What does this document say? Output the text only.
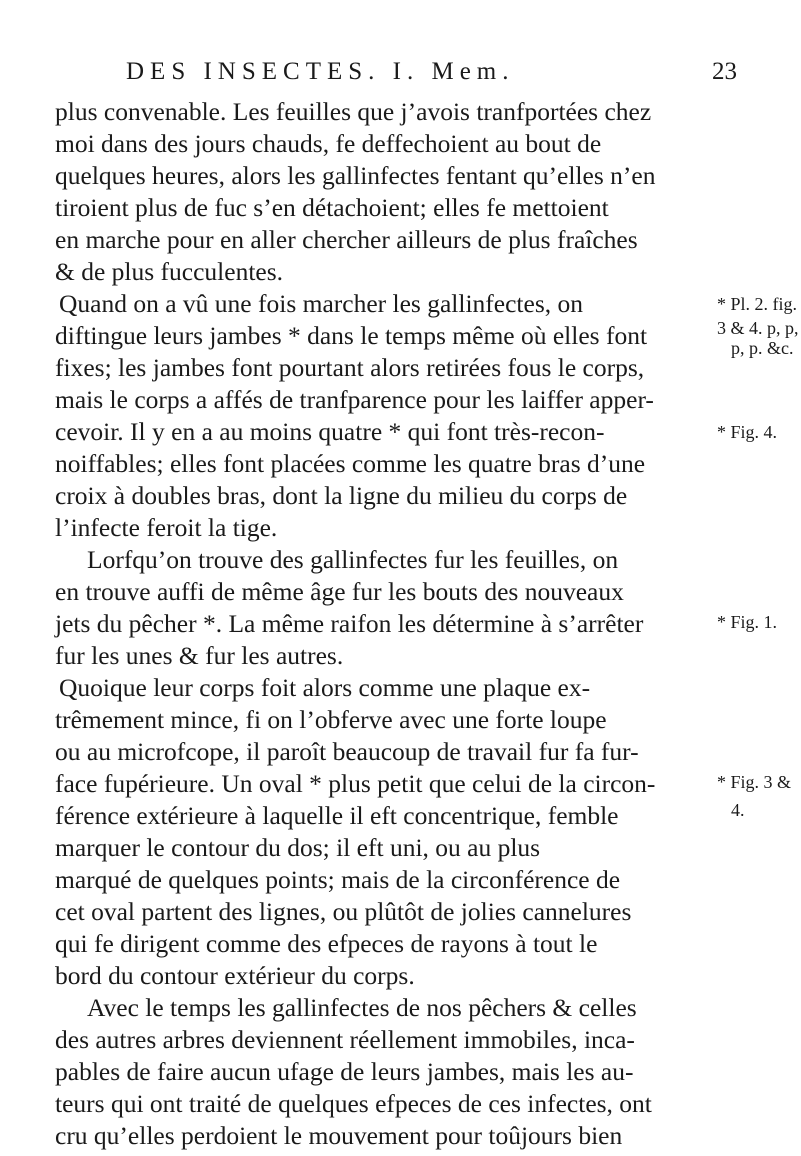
DES INSECTES. I. Mem.	23
plus convenable. Les feuilles que j’avois tranfportées chez
moi dans des jours chauds, fe deffechoient au bout de
quelques heures, alors les gallinfectes fentant qu’elles n’en
tiroient plus de fuc s’en détachoient; elles fe mettoient
en marche pour en aller chercher ailleurs de plus fraîches
& de plus fucculentes.
Quand on a vû une fois marcher les gallinfectes, on
diftingue leurs jambes * dans le temps même où elles font
fixes; les jambes font pourtant alors retirées fous le corps,
mais le corps a affés de tranfparence pour les laiffer apper-
cevoir. Il y en a au moins quatre * qui font très-recon-
noiffables; elles font placées comme les quatre bras d’une
croix à doubles bras, dont la ligne du milieu du corps de
l’infecte feroit la tige.
Lorfqu’on trouve des gallinfectes fur les feuilles, on
en trouve auffi de même âge fur les bouts des nouveaux
jets du pêcher *. La même raifon les détermine à s’arrêter
fur les unes & fur les autres.
Quoique leur corps foit alors comme une plaque ex-
trêmement mince, fi on l’obferve avec une forte loupe
ou au microfcope, il paroît beaucoup de travail fur fa fur-
face fupérieure. Un oval * plus petit que celui de la circon-
férence extérieure à laquelle il eft concentrique, femble
marquer le contour du dos; il eft uni, ou au plus
marqué de quelques points; mais de la circonférence de
cet oval partent des lignes, ou plûtôt de jolies cannelures
qui fe dirigent comme des efpeces de rayons à tout le
bord du contour extérieur du corps.
Avec le temps les gallinfectes de nos pêchers & celles
des autres arbres deviennent réellement immobiles, inca-
pables de faire aucun ufage de leurs jambes, mais les au-
teurs qui ont traité de quelques efpeces de ces infectes, ont
cru qu’elles perdoient le mouvement pour toûjours bien
* Pl. 2. fig.
3 & 4. p, p,
p, p. &c.
* Fig. 4.
* Fig. 1.
* Fig. 3 &
4.
